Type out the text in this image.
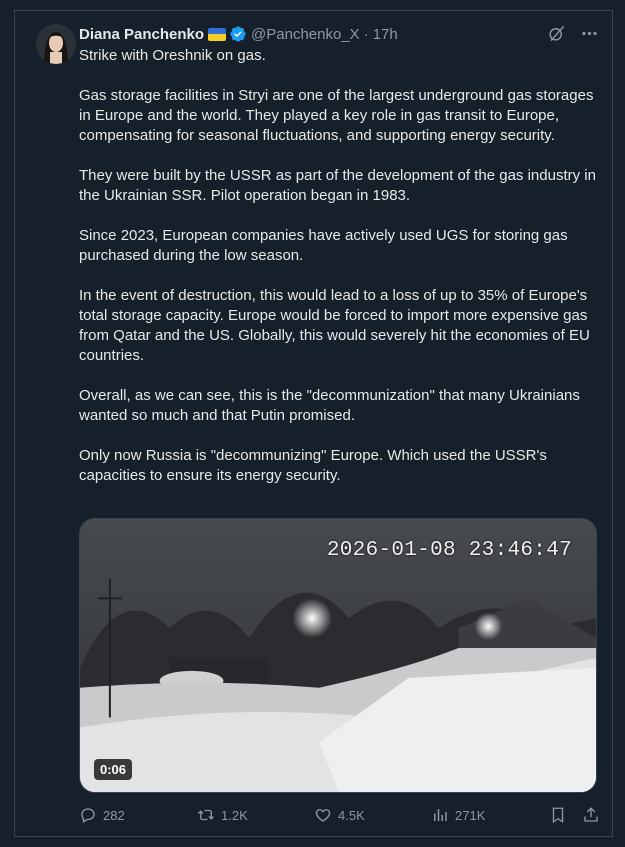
Diana Panchenko	@Panchenko_X · 17h

Strike with Oreshnik on gas.

Gas storage facilities in Stryi are one of the largest underground gas storages in Europe and the world. They played a key role in gas transit to Europe, compensating for seasonal fluctuations, and supporting energy security.

They were built by the USSR as part of the development of the gas industry in the Ukrainian SSR. Pilot operation began in 1983.

Since 2023, European companies have actively used UGS for storing gas purchased during the low season.

In the event of destruction, this would lead to a loss of up to 35% of Europe's total storage capacity. Europe would be forced to import more expensive gas from Qatar and the US. Globally, this would severely hit the economies of EU countries.

Overall, as we can see, this is the "decommunization" that many Ukrainians wanted so much and that Putin promised.

Only now Russia is "decommunizing" Europe. Which used the USSR's capacities to ensure its energy security.

2026-01-08 23:46:47
0:06
282	1.2K	4.5K	271K
